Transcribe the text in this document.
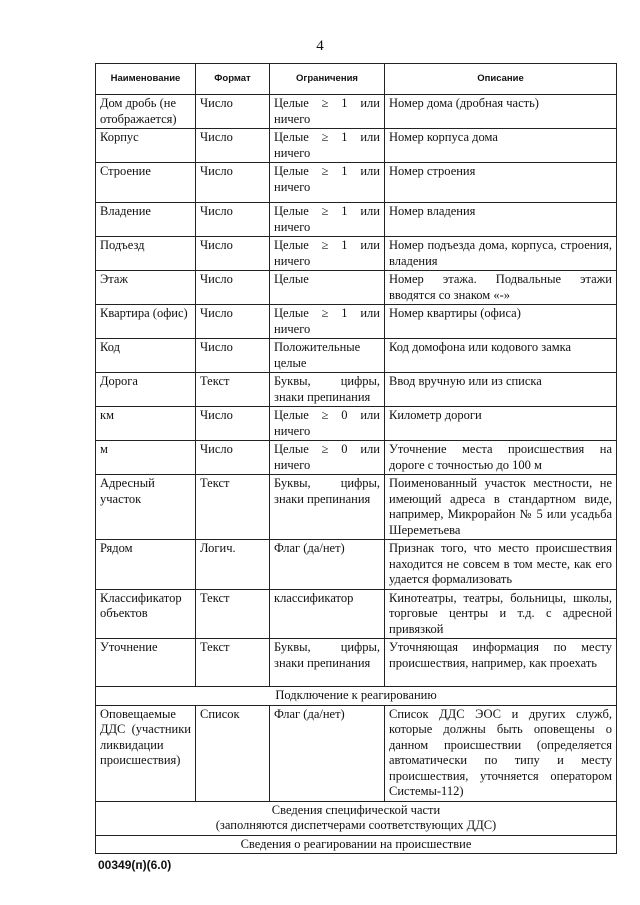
4
Наименование	Формат	Ограничения	Описание
Дом дробь (не отображается)	Число	Целые ≥ 1 или ничего	Номер дома (дробная часть)
Корпус	Число	Целые ≥ 1 или ничего	Номер корпуса дома
Строение	Число	Целые ≥ 1 или ничего	Номер строения
Владение	Число	Целые ≥ 1 или ничего	Номер владения
Подъезд	Число	Целые ≥ 1 или ничего	Номер подъезда дома, корпуса, строения, владения
Этаж	Число	Целые	Номер этажа. Подвальные этажи вводятся со знаком «-»
Квартира (офис)	Число	Целые ≥ 1 или ничего	Номер квартиры (офиса)
Код	Число	Положительные целые	Код домофона или кодового замка
Дорога	Текст	Буквы, цифры, знаки препинания	Ввод вручную или из списка
км	Число	Целые ≥ 0 или ничего	Километр дороги
м	Число	Целые ≥ 0 или ничего	Уточнение места происшествия на дороге с точностью до 100 м
Адресный участок	Текст	Буквы, цифры, знаки препинания	Поименованный участок местности, не имеющий адреса в стандартном виде, например, Микрорайон № 5 или усадьба Шереметьева
Рядом	Логич.	Флаг (да/нет)	Признак того, что место происшествия находится не совсем в том месте, как его удается формализовать
Классификатор объектов	Текст	классификатор	Кинотеатры, театры, больницы, школы, торговые центры и т.д. с адресной привязкой
Уточнение	Текст	Буквы, цифры, знаки препинания	Уточняющая информация по месту происшествия, например, как проехать
Подключение к реагированию			
Оповещаемые ДДС (участники ликвидации происшествия)	Список	Флаг (да/нет)	Список ДДС ЭОС и других служб, которые должны быть оповещены о данном происшествии (определяется автоматически по типу и месту происшествия, уточняется оператором Системы-112)

Сведения специфической части
(заполняются диспетчерами соответствующих ДДС)			

Сведения о реагировании на происшествие			
00349(п)(6.0)
